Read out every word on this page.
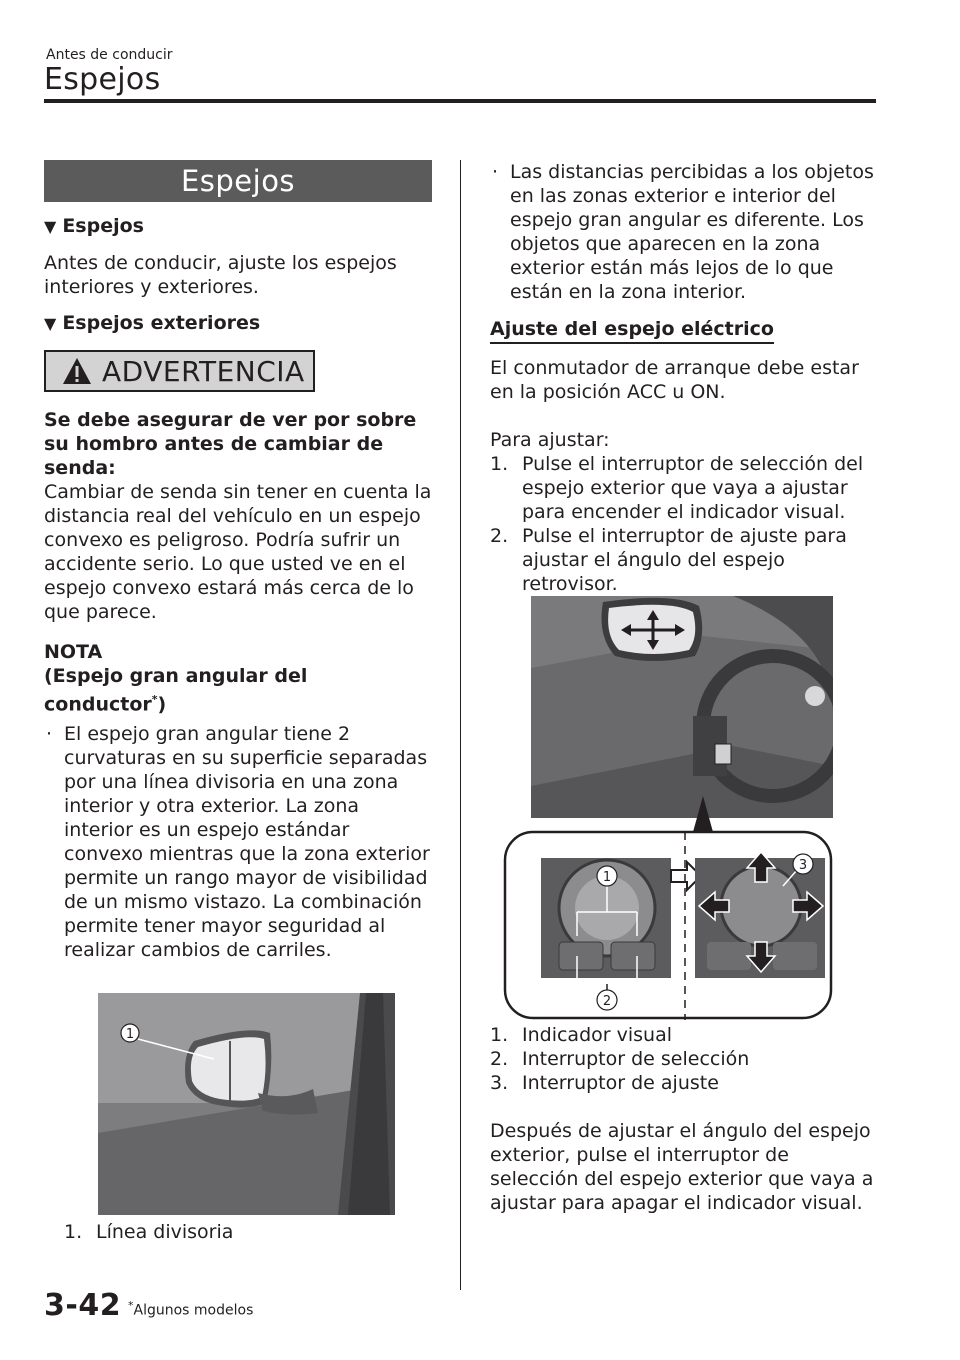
Antes de conducir
Espejos
Espejos
▼ Espejos

Antes de conducir, ajuste los espejos interiores y exteriores.

▼ Espejos exteriores
ADVERTENCIA

Se debe asegurar de ver por sobre su hombro antes de cambiar de senda:

Cambiar de senda sin tener en cuenta la distancia real del vehículo en un espejo convexo es peligroso. Podría sufrir un accidente serio. Lo que usted ve en el espejo convexo estará más cerca de lo que parece.

NOTA

(Espejo gran angular del conductor*)

· El espejo gran angular tiene 2 curvaturas en su superficie separadas por una línea divisoria en una zona interior y otra exterior. La zona interior es un espejo estándar convexo mientras que la zona exterior permite un rango mayor de visibilidad de un mismo vistazo. La combinación permite tener mayor seguridad al realizar cambios de carriles.
1
1. Línea divisoria
· Las distancias percibidas a los objetos en las zonas exterior e interior del espejo gran angular es diferente. Los objetos que aparecen en la zona exterior están más lejos de lo que están en la zona interior.
Ajuste del espejo eléctrico

El conmutador de arranque debe estar en la posición ACC u ON.

Para ajustar:

1. Pulse el interruptor de selección del espejo exterior que vaya a ajustar para encender el indicador visual.
2. Pulse el interruptor de ajuste para ajustar el ángulo del espejo retrovisor.
1
2
3
1. Indicador visual
2. Interruptor de selección
3. Interruptor de ajuste

Después de ajustar el ángulo del espejo exterior, pulse el interruptor de selección del espejo exterior que vaya a ajustar para apagar el indicador visual.

3-42 *Algunos modelos
